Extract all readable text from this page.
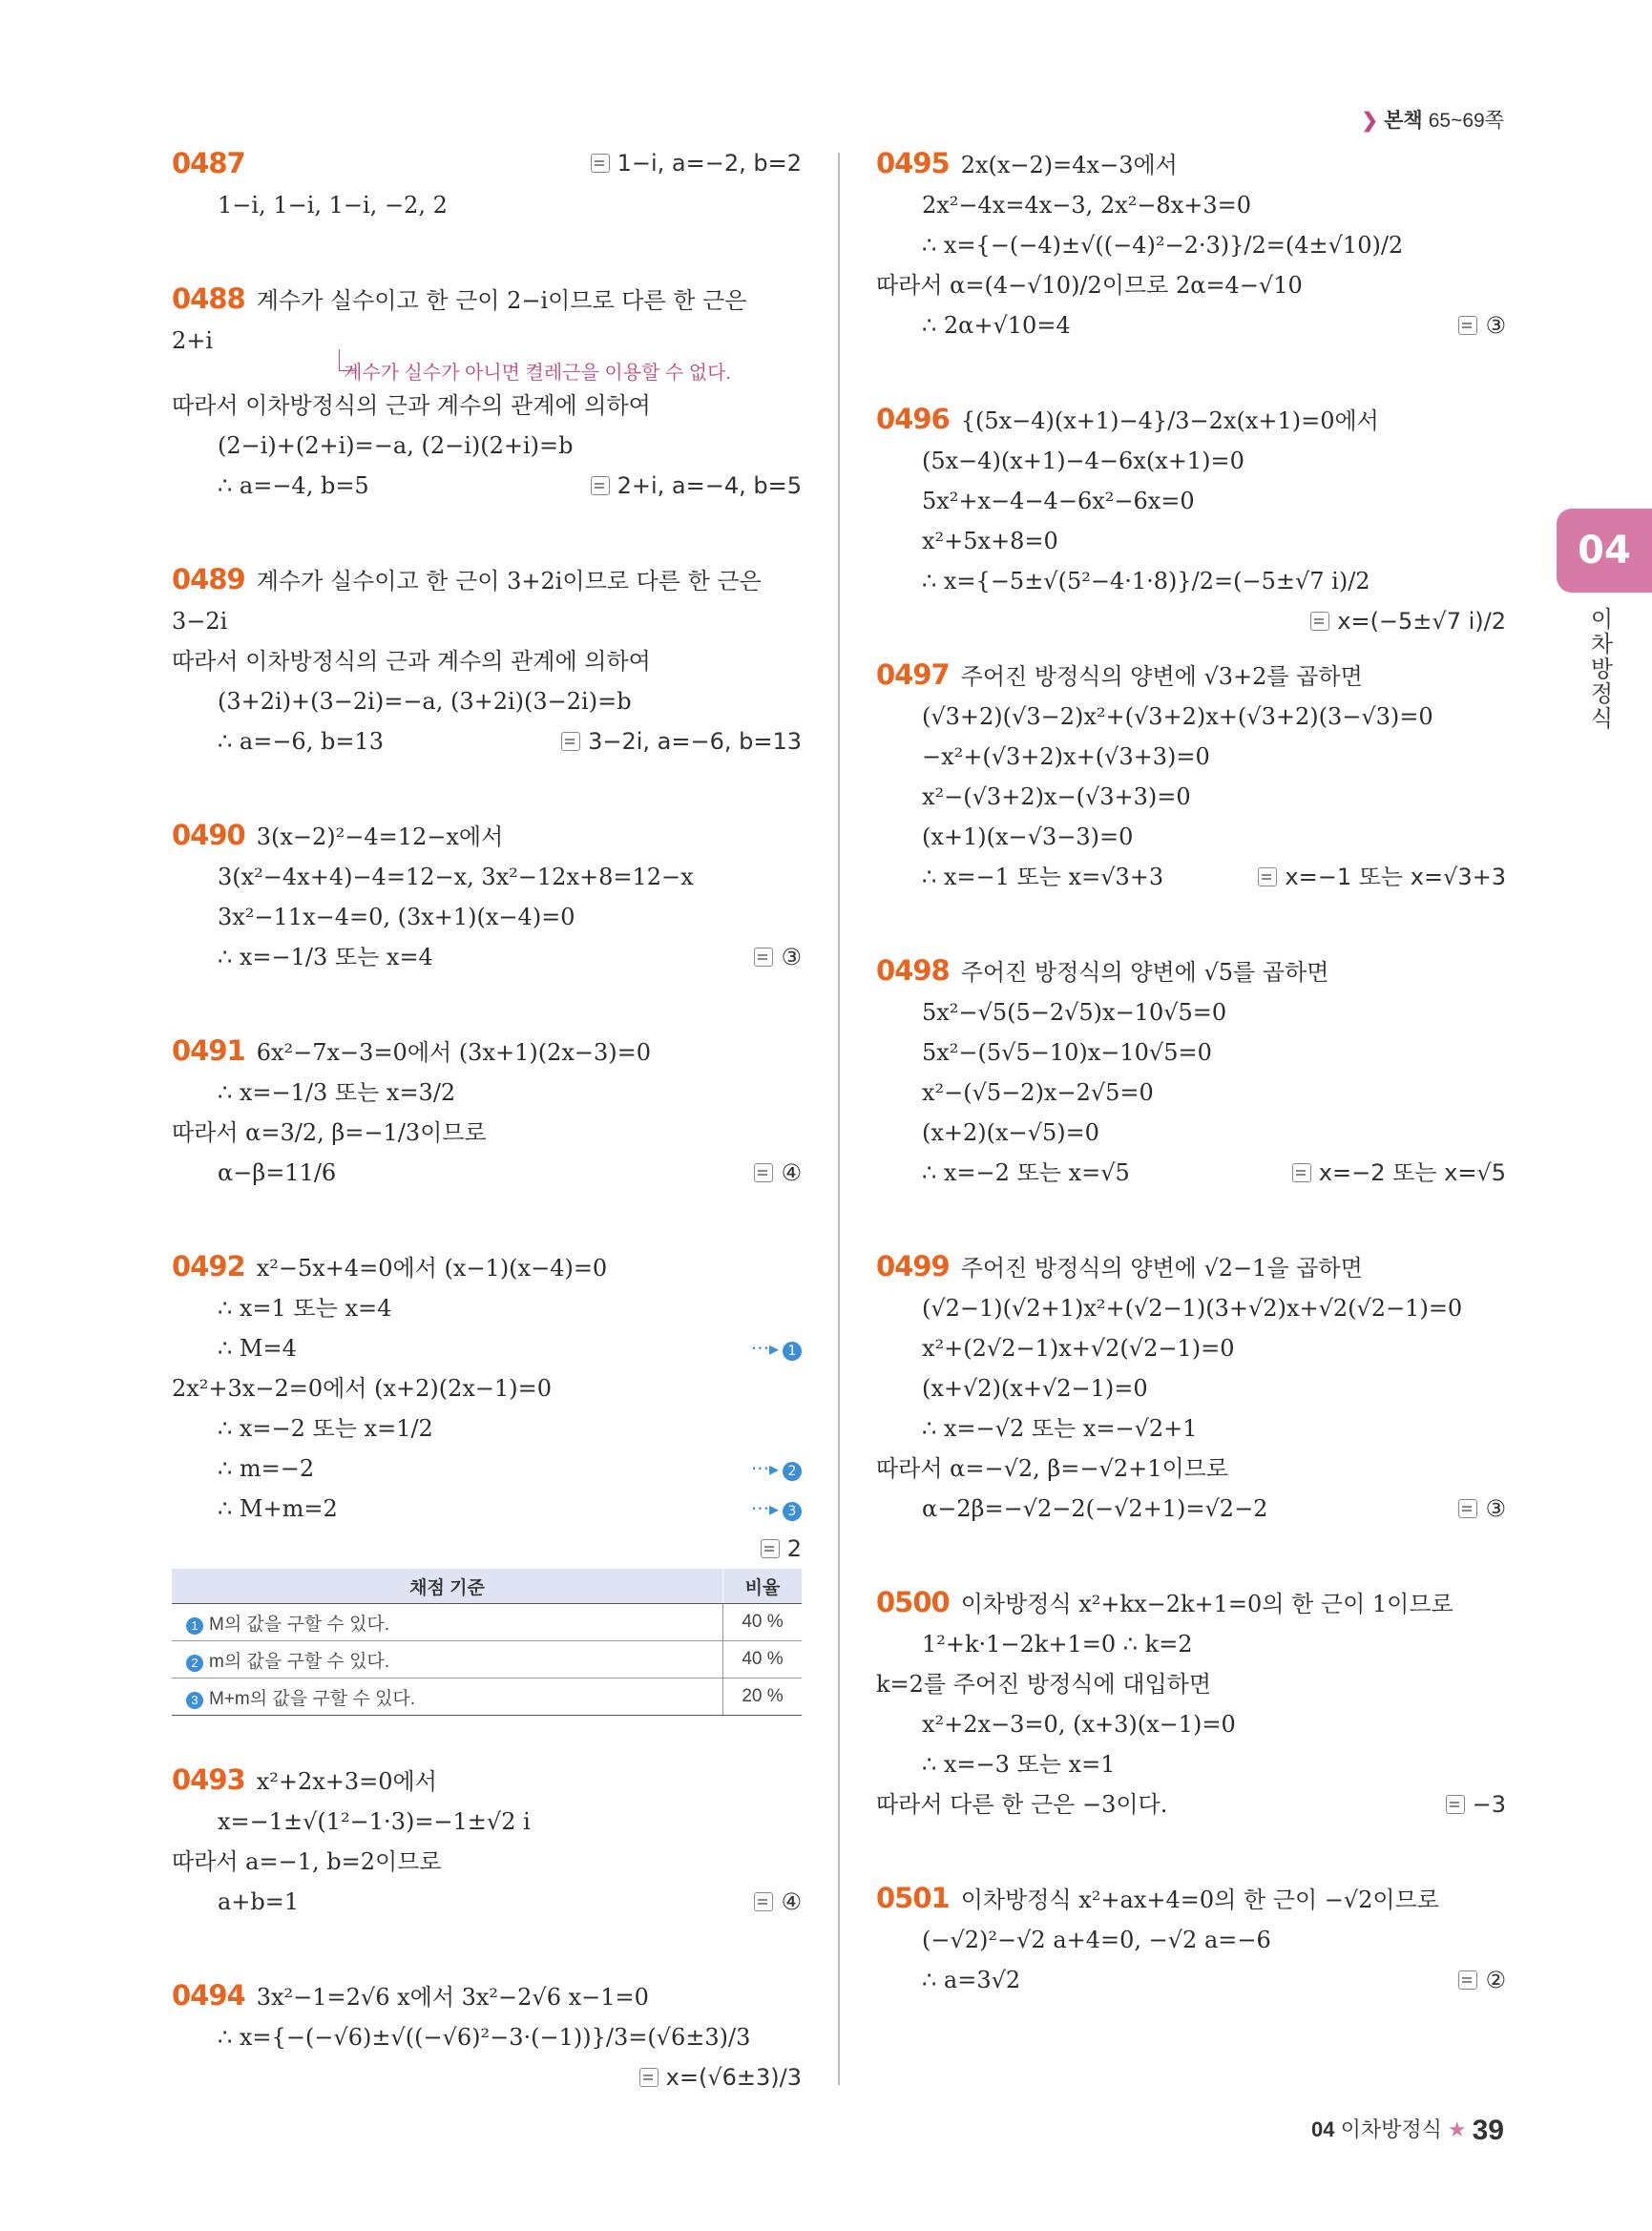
❯ 본책 65~69쪽
0487	1−i, a=−2, b=2
1−i, 1−i, 1−i, −2, 2
0488 계수가 실수이고 한 근이 2−i이므로 다른 한 근은
2+i
계수가 실수가 아니면 켤레근을 이용할 수 없다.
따라서 이차방정식의 근과 계수의 관계에 의하여
(2−i)+(2+i)=−a, (2−i)(2+i)=b
2+i, a=−4, b=5
∴ a=−4, b=5
0489 계수가 실수이고 한 근이 3+2i이므로 다른 한 근은
3−2i
따라서 이차방정식의 근과 계수의 관계에 의하여
(3+2i)+(3−2i)=−a, (3+2i)(3−2i)=b
3−2i, a=−6, b=13
∴ a=−6, b=13
0490 3(x−2)²−4=12−x에서
3(x²−4x+4)−4=12−x, 3x²−12x+8=12−x
3x²−11x−4=0, (3x+1)(x−4)=0
③
∴ x=−1/3 또는 x=4
0491 6x²−7x−3=0에서 (3x+1)(2x−3)=0
∴ x=−1/3 또는 x=3/2
따라서 α=3/2, β=−1/3이므로
④
α−β=11/6
0492 x²−5x+4=0에서 (x−1)(x−4)=0
∴ x=1 또는 x=4
···▸ 1
∴ M=4
2x²+3x−2=0에서 (x+2)(2x−1)=0
∴ x=−2 또는 x=1/2
···▸ 2
∴ m=−2
···▸ 3
∴ M+m=2
2
채점 기준	비율
1 M의 값을 구할 수 있다.	40 %
2 m의 값을 구할 수 있다.	40 %
3 M+m의 값을 구할 수 있다.	20 %
0493 x²+2x+3=0에서
x=−1±√(1²−1·3)=−1±√2 i
따라서 a=−1, b=2이므로
④
a+b=1
0494 3x²−1=2√6 x에서 3x²−2√6 x−1=0
∴ x={−(−√6)±√((−√6)²−3·(−1))}/3=(√6±3)/3
x=(√6±3)/3
0495 2x(x−2)=4x−3에서
2x²−4x=4x−3, 2x²−8x+3=0
∴ x={−(−4)±√((−4)²−2·3)}/2=(4±√10)/2
따라서 α=(4−√10)/2이므로 2α=4−√10
③
∴ 2α+√10=4
0496 {(5x−4)(x+1)−4}/3−2x(x+1)=0에서
(5x−4)(x+1)−4−6x(x+1)=0
5x²+x−4−4−6x²−6x=0
x²+5x+8=0
∴ x={−5±√(5²−4·1·8)}/2=(−5±√7 i)/2
x=(−5±√7 i)/2
0497 주어진 방정식의 양변에 √3+2를 곱하면
(√3+2)(√3−2)x²+(√3+2)x+(√3+2)(3−√3)=0
−x²+(√3+2)x+(√3+3)=0
x²−(√3+2)x−(√3+3)=0
(x+1)(x−√3−3)=0
x=−1 또는 x=√3+3
∴ x=−1 또는 x=√3+3
0498 주어진 방정식의 양변에 √5를 곱하면
5x²−√5(5−2√5)x−10√5=0
5x²−(5√5−10)x−10√5=0
x²−(√5−2)x−2√5=0
(x+2)(x−√5)=0
x=−2 또는 x=√5
∴ x=−2 또는 x=√5
0499 주어진 방정식의 양변에 √2−1을 곱하면
(√2−1)(√2+1)x²+(√2−1)(3+√2)x+√2(√2−1)=0
x²+(2√2−1)x+√2(√2−1)=0
(x+√2)(x+√2−1)=0
∴ x=−√2 또는 x=−√2+1
따라서 α=−√2, β=−√2+1이므로
③
α−2β=−√2−2(−√2+1)=√2−2
0500 이차방정식 x²+kx−2k+1=0의 한 근이 1이므로
1²+k·1−2k+1=0 ∴ k=2
k=2를 주어진 방정식에 대입하면
x²+2x−3=0, (x+3)(x−1)=0
∴ x=−3 또는 x=1
−3
따라서 다른 한 근은 −3이다.
0501 이차방정식 x²+ax+4=0의 한 근이 −√2이므로
(−√2)²−√2 a+4=0, −√2 a=−6
②
∴ a=3√2
04
이차방정식
04 이차방정식 ★ 39
